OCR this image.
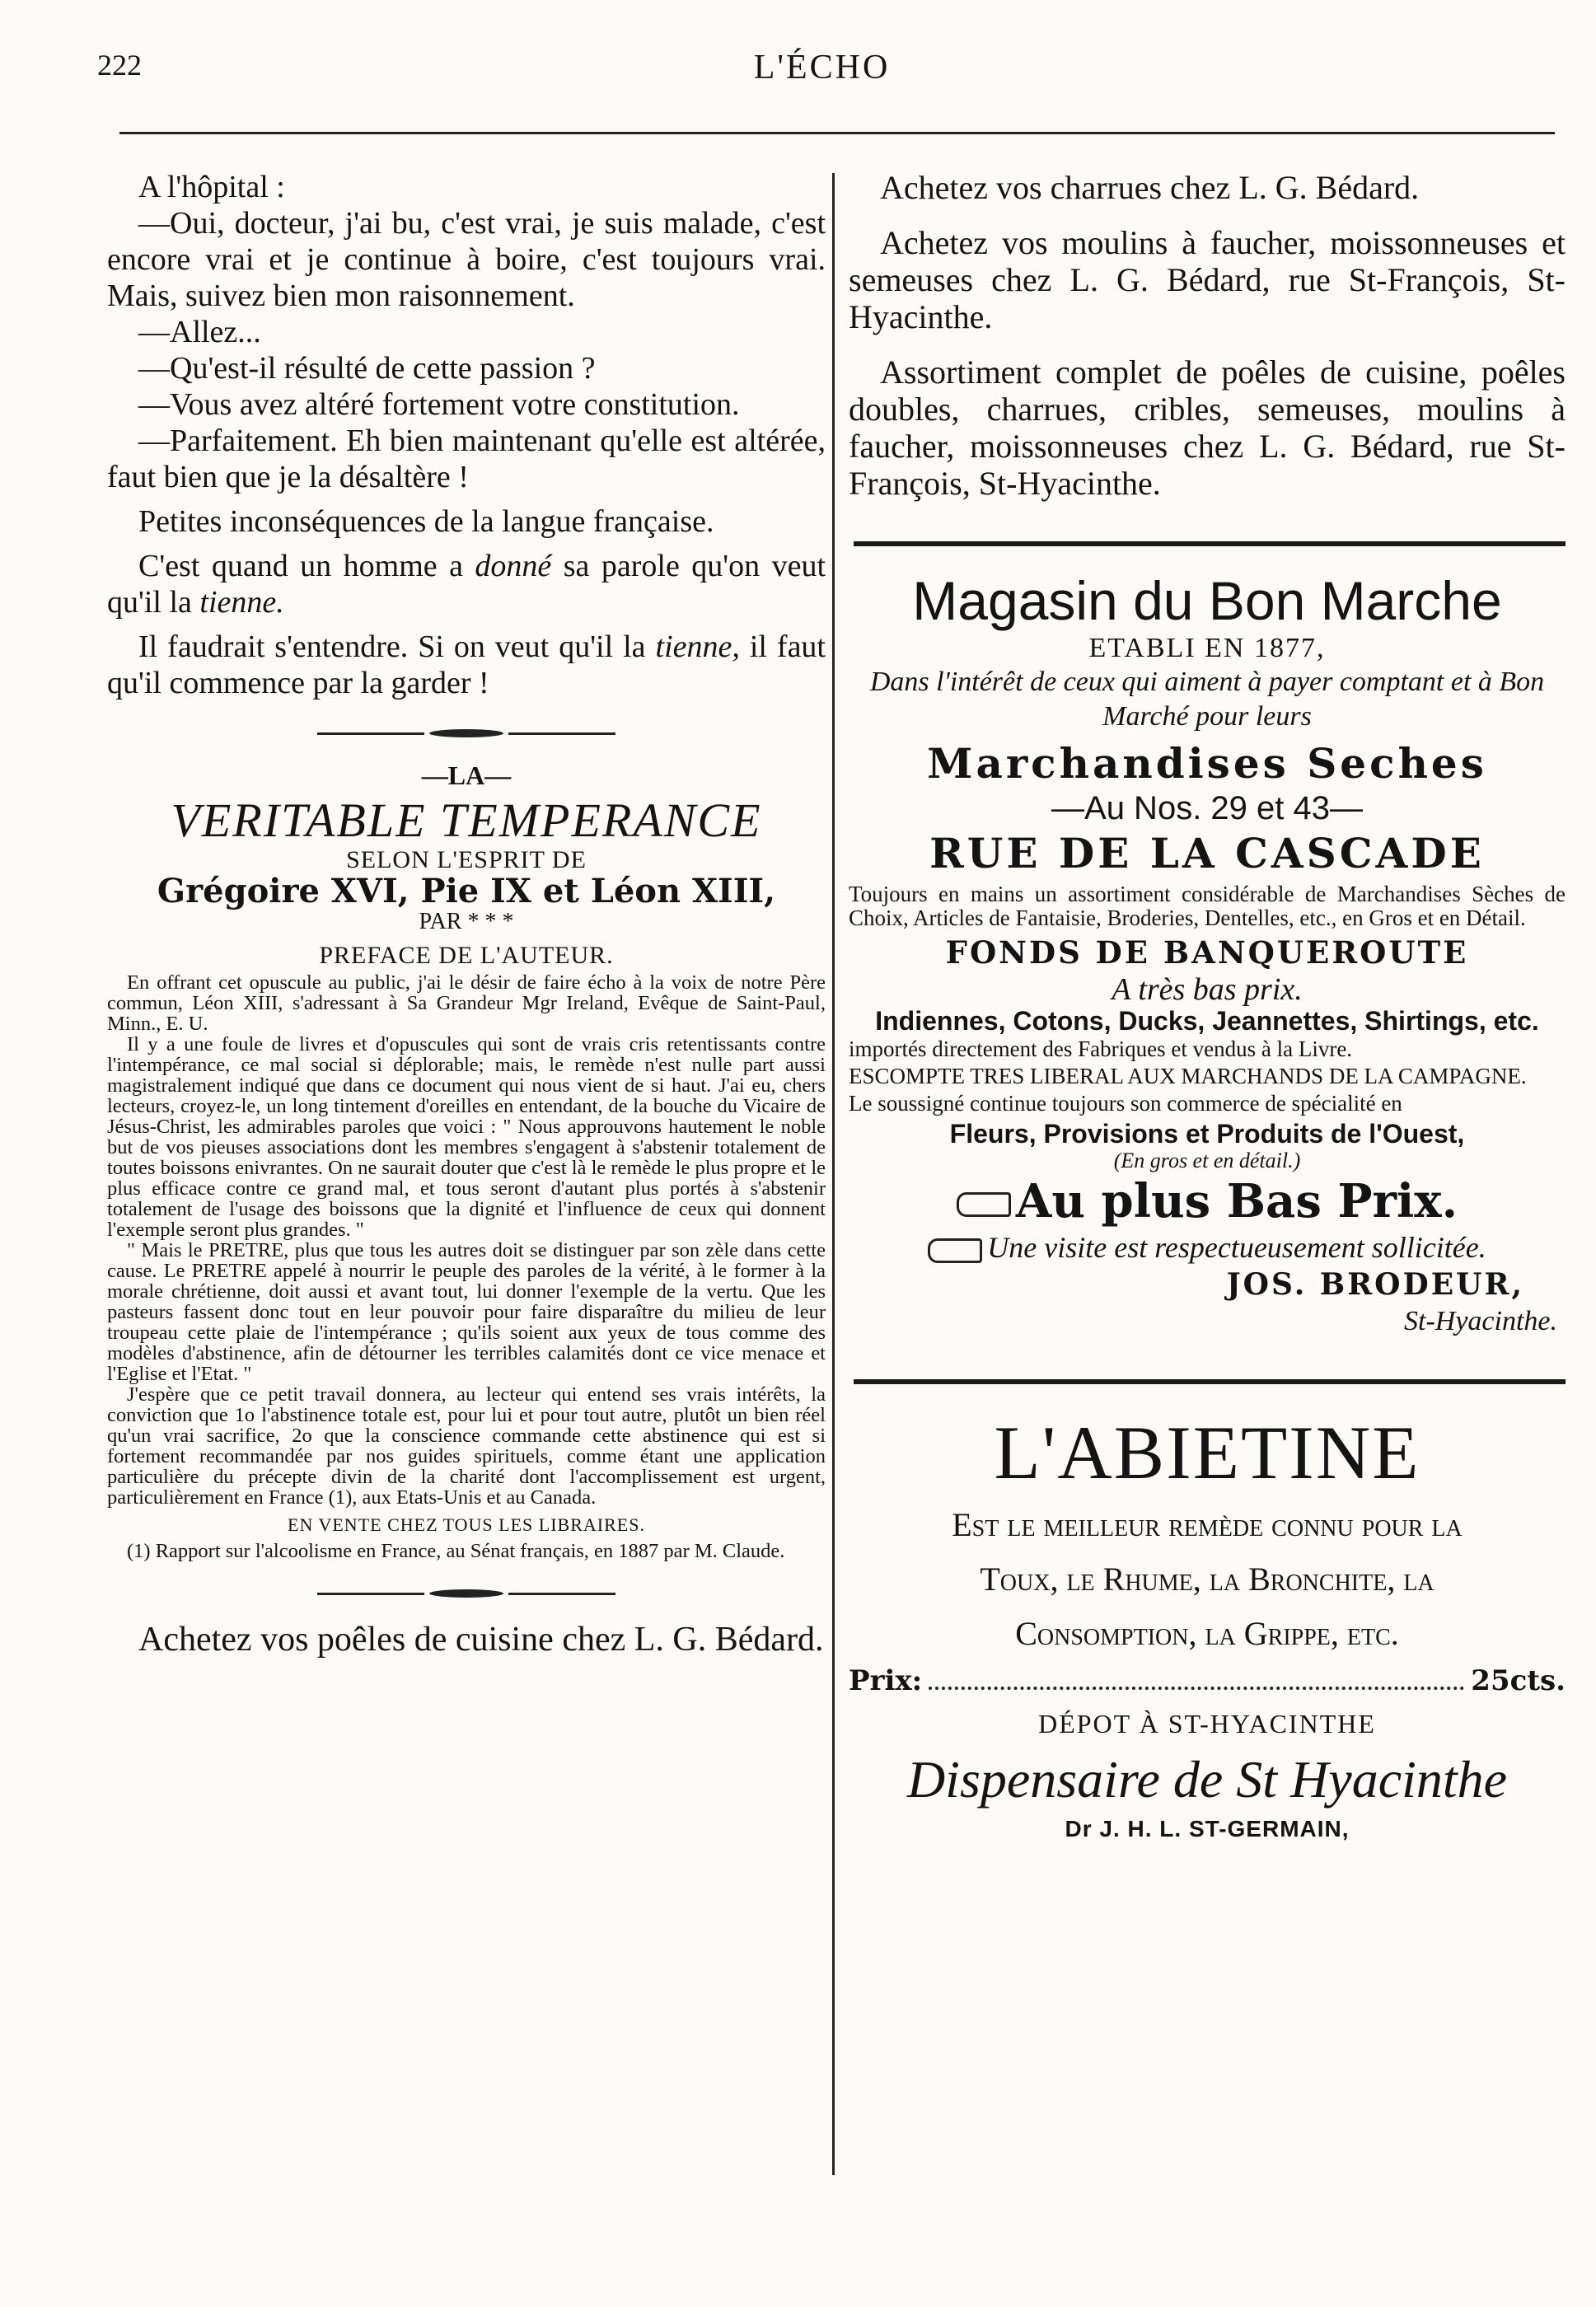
222	L'ÉCHO

A l'hôpital :

—Oui, docteur, j'ai bu, c'est vrai, je suis malade, c'est encore vrai et je continue à boire, c'est toujours vrai. Mais, suivez bien mon raisonnement.

—Allez...

—Qu'est-il résulté de cette passion ?

—Vous avez altéré fortement votre constitution.

—Parfaitement. Eh bien maintenant qu'elle est altérée, faut bien que je la désaltère !

Petites inconséquences de la langue française.

C'est quand un homme a donné sa parole qu'on veut qu'il la tienne.

Il faudrait s'entendre. Si on veut qu'il la tienne, il faut qu'il commence par la garder !

—LA—
VERITABLE TEMPERANCE
SELON L'ESPRIT DE
Grégoire XVI, Pie IX et Léon XIII,
PAR * * *
PREFACE DE L'AUTEUR.

En offrant cet opuscule au public, j'ai le désir de faire écho à la voix de notre Père commun, Léon XIII, s'adressant à Sa Grandeur Mgr Ireland, Evêque de Saint-Paul, Minn., E. U.

Il y a une foule de livres et d'opuscules qui sont de vrais cris retentissants contre l'intempérance, ce mal social si déplorable; mais, le remède n'est nulle part aussi magistralement indiqué que dans ce document qui nous vient de si haut. J'ai eu, chers lecteurs, croyez-le, un long tintement d'oreilles en entendant, de la bouche du Vicaire de Jésus-Christ, les admirables paroles que voici : " Nous approuvons hautement le noble but de vos pieuses associations dont les membres s'engagent à s'abstenir totalement de toutes boissons enivrantes. On ne saurait douter que c'est là le remède le plus propre et le plus efficace contre ce grand mal, et tous seront d'autant plus portés à s'abstenir totalement de l'usage des boissons que la dignité et l'influence de ceux qui donnent l'exemple seront plus grandes. "

" Mais le PRETRE, plus que tous les autres doit se distinguer par son zèle dans cette cause. Le PRETRE appelé à nourrir le peuple des paroles de la vérité, à le former à la morale chrétienne, doit aussi et avant tout, lui donner l'exemple de la vertu. Que les pasteurs fassent donc tout en leur pouvoir pour faire disparaître du milieu de leur troupeau cette plaie de l'intempérance ; qu'ils soient aux yeux de tous comme des modèles d'abstinence, afin de détourner les terribles calamités dont ce vice menace et l'Eglise et l'Etat. "

J'espère que ce petit travail donnera, au lecteur qui entend ses vrais intérêts, la conviction que 1o l'abstinence totale est, pour lui et pour tout autre, plutôt un bien réel qu'un vrai sacrifice, 2o que la conscience commande cette abstinence qui est si fortement recommandée par nos guides spirituels, comme étant une application particulière du précepte divin de la charité dont l'accomplissement est urgent, particulièrement en France (1), aux Etats-Unis et au Canada.

EN VENTE CHEZ TOUS LES LIBRAIRES.

(1) Rapport sur l'alcoolisme en France, au Sénat français, en 1887 par M. Claude.

Achetez vos poêles de cuisine chez L. G. Bédard.

Achetez vos charrues chez L. G. Bédard.

Achetez vos moulins à faucher, moissonneuses et semeuses chez L. G. Bédard, rue St-François, St-Hyacinthe.

Assortiment complet de poêles de cuisine, poêles doubles, charrues, cribles, semeuses, moulins à faucher, moissonneuses chez L. G. Bédard, rue St-François, St-Hyacinthe.

Magasin du Bon Marche
ETABLI EN 1877,
Dans l'intérêt de ceux qui aiment à payer comptant et à Bon Marché pour leurs
Marchandises Seches
—Au Nos. 29 et 43—
RUE DE LA CASCADE

Toujours en mains un assortiment considérable de Marchandises Sèches de Choix, Articles de Fantaisie, Broderies, Dentelles, etc., en Gros et en Détail.

FONDS DE BANQUEROUTE
A très bas prix.
Indiennes, Cotons, Ducks, Jeannettes, Shirtings, etc.

importés directement des Fabriques et vendus à la Livre.

ESCOMPTE TRES LIBERAL AUX MARCHANDS DE LA CAMPAGNE.

Le soussigné continue toujours son commerce de spécialité en

Fleurs, Provisions et Produits de l'Ouest,
(En gros et en détail.)
Au plus Bas Prix.
Une visite est respectueusement sollicitée.
JOS. BRODEUR,
St-Hyacinthe.
L'ABIETINE
Est le meilleur remède connu pour la
Toux, le Rhume, la Bronchite, la
Consomption, la Grippe, etc.
Prix:	25cts.
DÉPOT À ST-HYACINTHE
Dispensaire de St Hyacinthe
Dr J. H. L. ST-GERMAIN,
